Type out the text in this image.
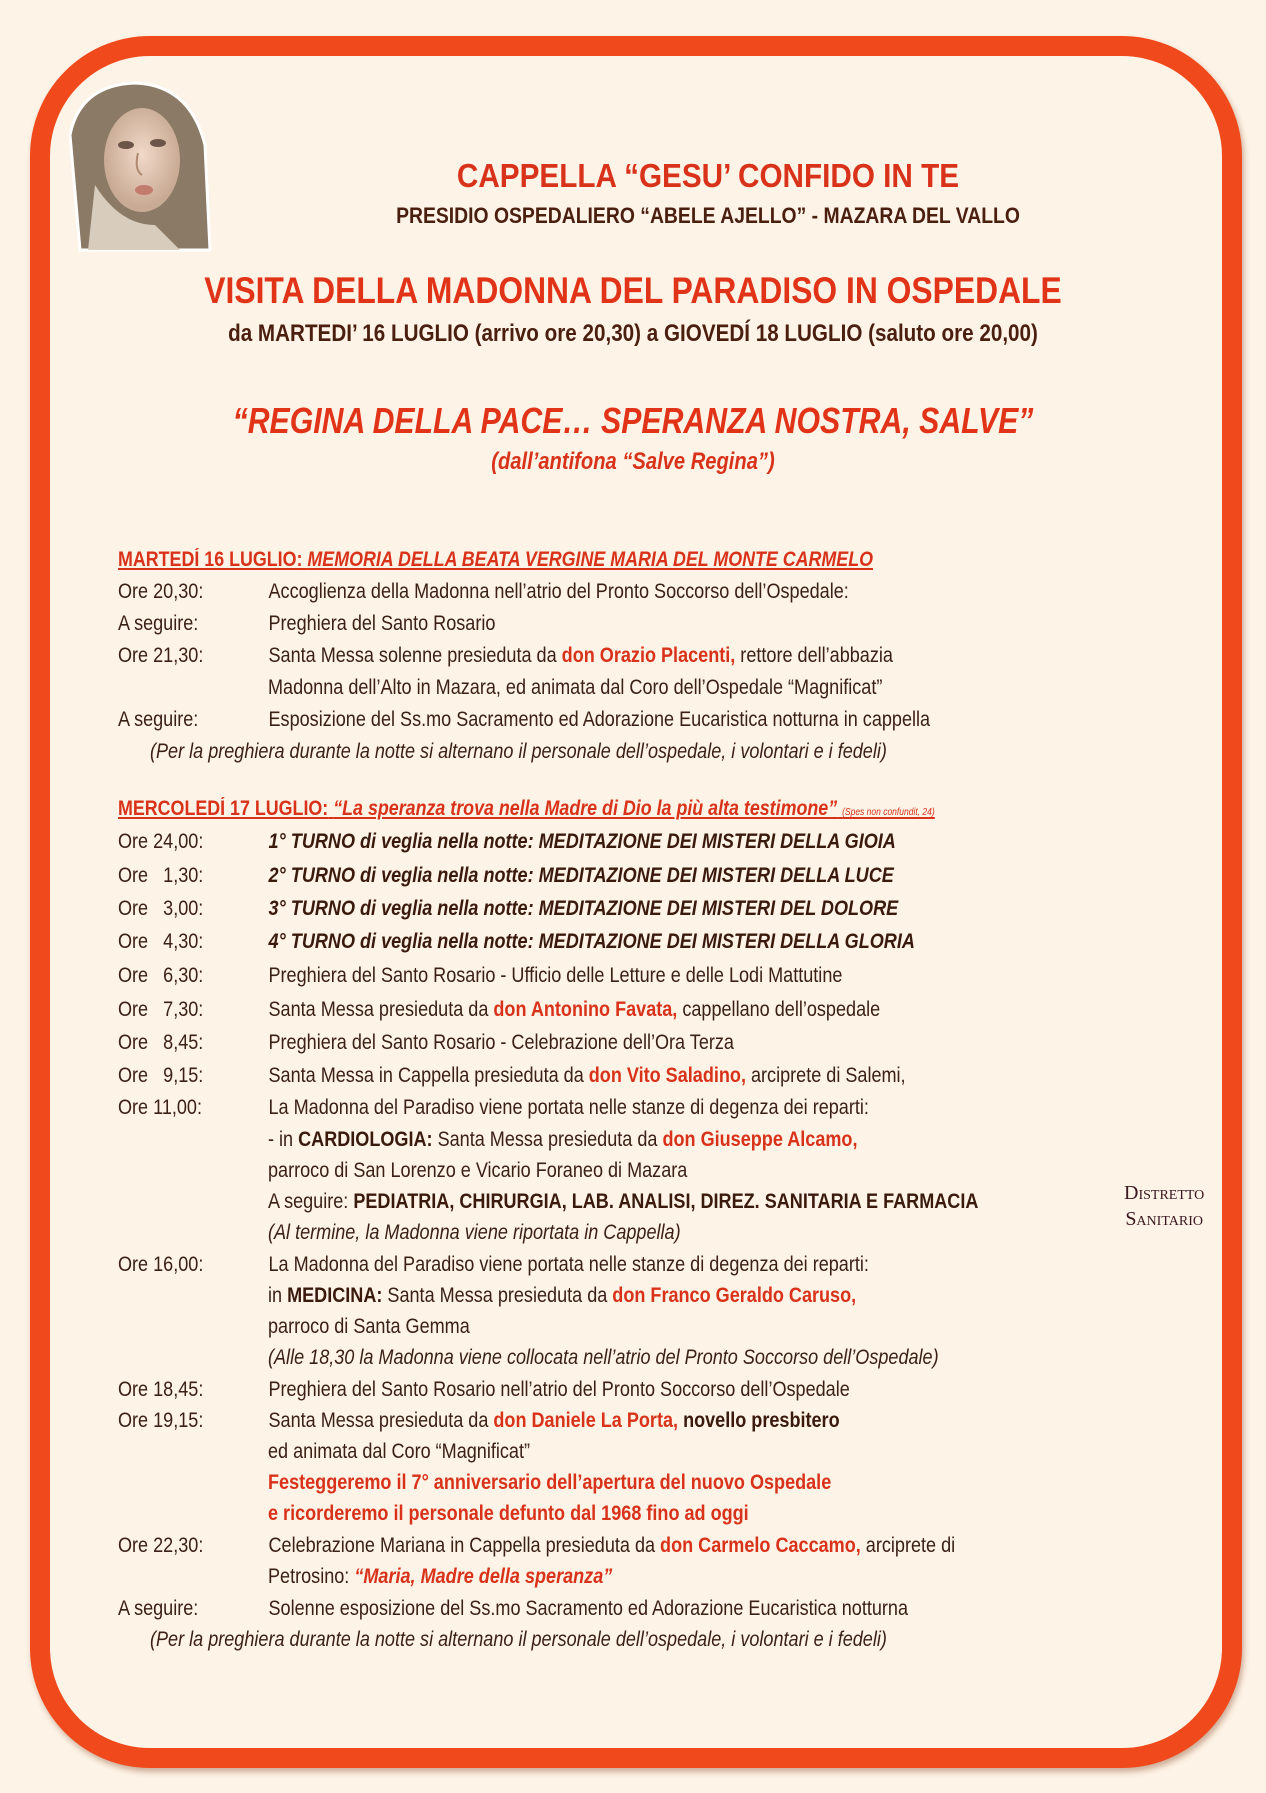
CAPPELLA “GESU’ CONFIDO IN TE
PRESIDIO OSPEDALIERO “ABELE AJELLO” - MAZARA DEL VALLO
VISITA DELLA MADONNA DEL PARADISO IN OSPEDALE
da MARTEDI’ 16 LUGLIO (arrivo ore 20,30) a GIOVEDÍ 18 LUGLIO (saluto ore 20,00)
“REGINA DELLA PACE… SPERANZA NOSTRA, SALVE”
(dall’antifona “Salve Regina”)
MARTEDÍ 16 LUGLIO: MEMORIA DELLA BEATA VERGINE MARIA DEL MONTE CARMELO
Ore 20,30:	Accoglienza della Madonna nell’atrio del Pronto Soccorso dell’Ospedale:
A seguire:	Preghiera del Santo Rosario
Ore 21,30:	Santa Messa solenne presieduta da don Orazio Placenti, rettore dell’abbazia
Madonna dell’Alto in Mazara, ed animata dal Coro dell’Ospedale “Magnificat”
A seguire:	Esposizione del Ss.mo Sacramento ed Adorazione Eucaristica notturna in cappella
(Per la preghiera durante la notte si alternano il personale dell’ospedale, i volontari e i fedeli)
MERCOLEDÍ 17 LUGLIO: “La speranza trova nella Madre di Dio la più alta testimone” (Spes non confundit, 24)
Ore 24,00:	1° TURNO di veglia nella notte: MEDITAZIONE DEI MISTERI DELLA GIOIA
Ore   1,30:	2° TURNO di veglia nella notte: MEDITAZIONE DEI MISTERI DELLA LUCE
Ore   3,00:	3° TURNO di veglia nella notte: MEDITAZIONE DEI MISTERI DEL DOLORE
Ore   4,30:	4° TURNO di veglia nella notte: MEDITAZIONE DEI MISTERI DELLA GLORIA
Ore   6,30:	Preghiera del Santo Rosario - Ufficio delle Letture e delle Lodi Mattutine
Ore   7,30:	Santa Messa presieduta da don Antonino Favata, cappellano dell’ospedale
Ore   8,45:	Preghiera del Santo Rosario - Celebrazione dell’Ora Terza
Ore   9,15:	Santa Messa in Cappella presieduta da don Vito Saladino, arciprete di Salemi,
Ore 11,00:	La Madonna del Paradiso viene portata nelle stanze di degenza dei reparti:
- in CARDIOLOGIA: Santa Messa presieduta da don Giuseppe Alcamo,
parroco di San Lorenzo e Vicario Foraneo di Mazara
A seguire: PEDIATRIA, CHIRURGIA, LAB. ANALISI, DIREZ. SANITARIA E FARMACIA
(Al termine, la Madonna viene riportata in Cappella)
Ore 16,00:	La Madonna del Paradiso viene portata nelle stanze di degenza dei reparti:
in MEDICINA: Santa Messa presieduta da don Franco Geraldo Caruso,
parroco di Santa Gemma
(Alle 18,30 la Madonna viene collocata nell’atrio del Pronto Soccorso dell’Ospedale)
Ore 18,45:	Preghiera del Santo Rosario nell’atrio del Pronto Soccorso dell’Ospedale
Ore 19,15:	Santa Messa presieduta da don Daniele La Porta, novello presbitero
ed animata dal Coro “Magnificat”
Festeggeremo il 7° anniversario dell’apertura del nuovo Ospedale
e ricorderemo il personale defunto dal 1968 fino ad oggi
Ore 22,30:	Celebrazione Mariana in Cappella presieduta da don Carmelo Caccamo, arciprete di
Petrosino: “Maria, Madre della speranza”
A seguire:	Solenne esposizione del Ss.mo Sacramento ed Adorazione Eucaristica notturna
(Per la preghiera durante la notte si alternano il personale dell’ospedale, i volontari e i fedeli)
Distretto
Sanitario
